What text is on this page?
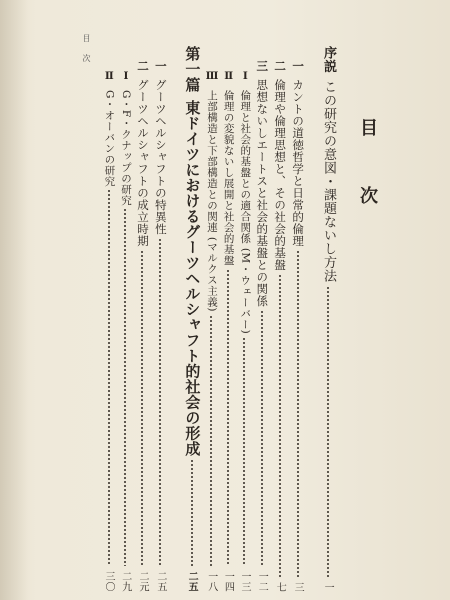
目　次
目　次
序説
この研究の意図・課題ないし方法
一
一
カントの道徳哲学と日常的倫理
三
二
倫理や倫理思想と、その社会的基盤
七
三
思想ないしエートスと社会的基盤との関係
一二
Ⅰ
倫理と社会的基盤との適合関係 (M・ウェーバー)
一三
Ⅱ
倫理の変貌ないし展開と社会的基盤
一四
Ⅲ
上部構造と下部構造との関連 (マルクス主義)
一八
第一篇
東ドイツにおけるグーツヘルシャフト的社会の形成
二五
一
グーツヘルシャフトの特異性
二五
二
グーツヘルシャフトの成立時期
二元
Ⅰ
G・F・クナップの研究
二九
Ⅱ
G・オーバンの研究
三〇
